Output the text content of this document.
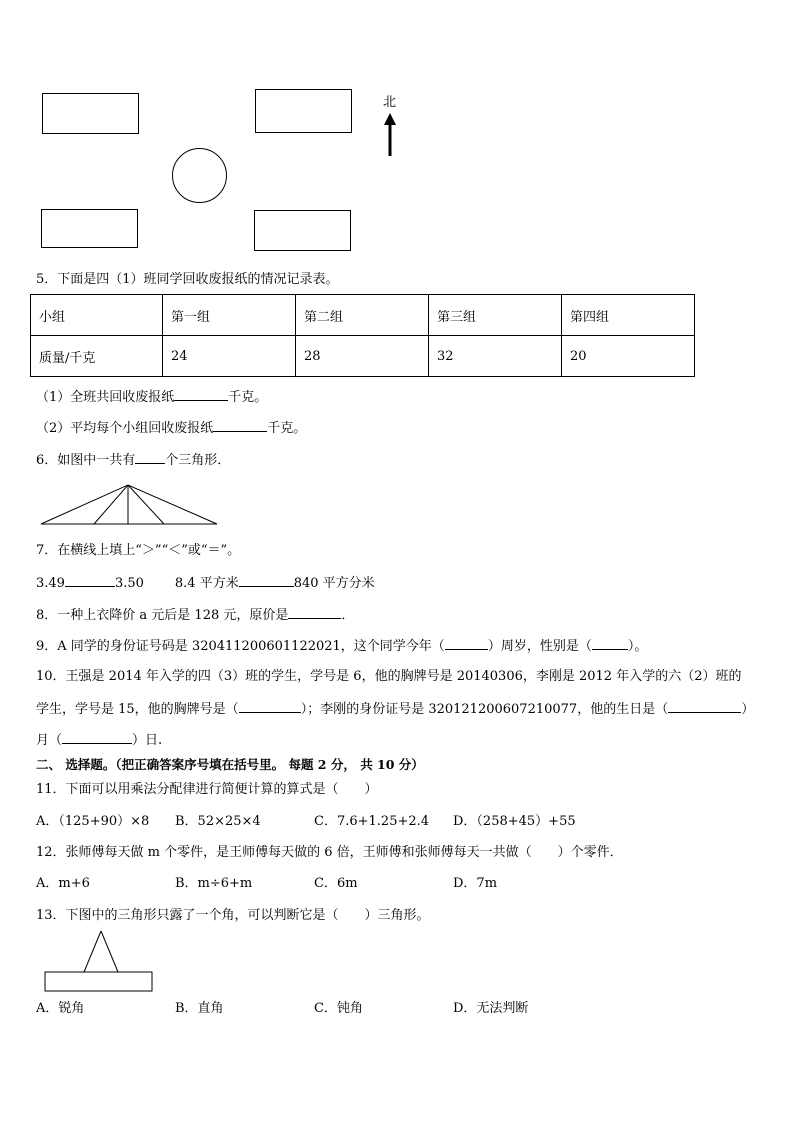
北
5．下面是四（1）班同学回收废报纸的情况记录表。
小组	第一组	第二组	第三组	第四组
质量/千克	24	28	32	20
（1）全班共回收废报纸	千克。
（2）平均每个小组回收废报纸	千克。
6．如图中一共有 个三角形．
7．在横线上填上“＞”“＜”或“＝”。
3.49	3.50 8.4 平方米	840 平方分米
8．一种上衣降价 a 元后是 128 元，原价是	．
9．A 同学的身份证号码是 320411200601122021，这个同学今年（	）周岁，性别是（	）。
10．王强是 2014 年入学的四（3）班的学生，学号是 6，他的胸牌号是 20140306，李刚是 2012 年入学的六（2）班的
学生，学号是 15，他的胸牌号是（	）；李刚的身份证号是 320121200607210077，他的生日是（	）
月（	）日.
二、 选择题。（把正确答案序号填在括号里。 每题 2 分， 共 10 分）
11．下面可以用乘法分配律进行简便计算的算式是（　　）
A．（125+90）×8 B．52×25×4	C．7.6+1.25+2.4 D．（258+45）+55
12．张师傅每天做 m 个零件，是王师傅每天做的 6 倍，王师傅和张师傅每天一共做（　　）个零件．
A．m+6	B．m÷6+m	C．6m	D．7m
13．下图中的三角形只露了一个角，可以判断它是（　　）三角形。
A．锐角	B．直角	C．钝角	D．无法判断
